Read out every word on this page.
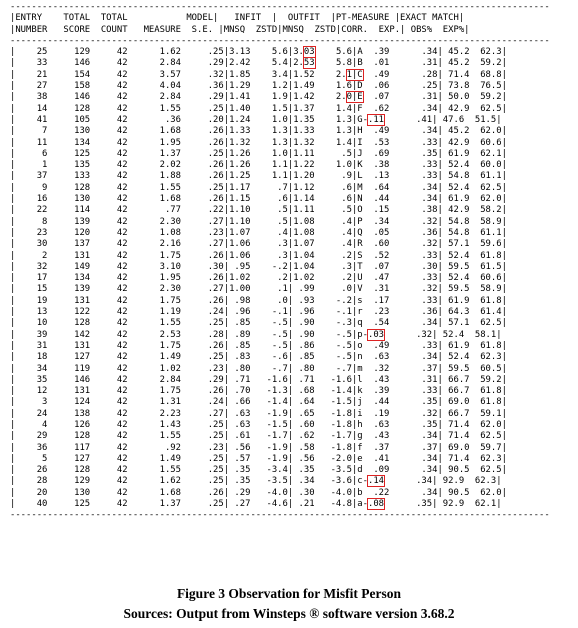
-----------------------------------------------------------------------------------------------------
|ENTRY    TOTAL  TOTAL           MODEL|   INFIT  |  OUTFIT  |PT-MEASURE |EXACT MATCH|
|NUMBER   SCORE  COUNT   MEASURE  S.E. |MNSQ  ZSTD|MNSQ  ZSTD|CORR.  EXP.| OBS%  EXP%|
-----------------------------------------------------------------------------------------------------
|    25     129     42      1.62     .25|3.13    5.6|3.03    5.6|A  .39      .34| 45.2  62.3|
|    33     146     42      2.84     .29|2.42    5.4|2.53    5.8|B  .01      .31| 45.2  59.2|
|    21     154     42      3.57     .32|1.85    3.4|1.52    2.1|C  .49      .28| 71.4  68.8|
|    27     158     42      4.04     .36|1.29    1.2|1.49    1.6|D  .06      .25| 73.8  76.5|
|    38     146     42      2.84     .29|1.41    1.9|1.42    2.0|E  .07      .31| 50.0  59.2|
|    14     128     42      1.55     .25|1.40    1.5|1.37    1.4|F  .62      .34| 42.9  62.5|
|    41     105     42       .36     .20|1.24    1.0|1.35    1.3|G-.11      .41| 47.6  51.5|
|     7     130     42      1.68     .26|1.33    1.3|1.33    1.3|H  .49      .34| 45.2  62.0|
|    11     134     42      1.95     .26|1.32    1.3|1.32    1.4|I  .53      .33| 42.9  60.6|
|     6     125     42      1.37     .25|1.26    1.0|1.11     .5|J  .69      .35| 61.9  62.1|
|     1     135     42      2.02     .26|1.26    1.1|1.22    1.0|K  .38      .33| 52.4  60.0|
|    37     133     42      1.88     .26|1.25    1.1|1.20     .9|L  .13      .33| 54.8  61.1|
|     9     128     42      1.55     .25|1.17     .7|1.12     .6|M  .64      .34| 52.4  62.5|
|    16     130     42      1.68     .26|1.15     .6|1.14     .6|N  .44      .34| 61.9  62.0|
|    22     114     42       .77     .22|1.10     .5|1.11     .5|O  .15      .38| 42.9  58.2|
|     8     139     42      2.30     .27|1.10     .5|1.08     .4|P  .34      .32| 54.8  58.9|
|    23     120     42      1.08     .23|1.07     .4|1.08     .4|Q  .05      .36| 54.8  61.1|
|    30     137     42      2.16     .27|1.06     .3|1.07     .4|R  .60      .32| 57.1  59.6|
|     2     131     42      1.75     .26|1.06     .3|1.04     .2|S  .52      .33| 52.4  61.8|
|    32     149     42      3.10     .30| .95    -.2|1.04     .3|T  .07      .30| 59.5  61.5|
|    17     134     42      1.95     .26|1.02     .2|1.02     .2|U  .47      .33| 52.4  60.6|
|    15     139     42      2.30     .27|1.00     .1| .99     .0|V  .31      .32| 59.5  58.9|
|    19     131     42      1.75     .26| .98     .0| .93    -.2|s  .17      .33| 61.9  61.8|
|    13     122     42      1.19     .24| .96    -.1| .96    -.1|r  .23      .36| 64.3  61.4|
|    10     128     42      1.55     .25| .85    -.5| .90    -.3|q  .54      .34| 57.1  62.5|
|    39     142     42      2.53     .28| .89    -.5| .90    -.5|p-.03      .32| 52.4  58.1|
|    31     131     42      1.75     .26| .85    -.5| .86    -.5|o  .49      .33| 61.9  61.8|
|    18     127     42      1.49     .25| .83    -.6| .85    -.5|n  .63      .34| 52.4  62.3|
|    34     119     42      1.02     .23| .80    -.7| .80    -.7|m  .32      .37| 59.5  60.5|
|    35     146     42      2.84     .29| .71   -1.6| .71   -1.6|l  .43      .31| 66.7  59.2|
|    12     131     42      1.75     .26| .70   -1.3| .68   -1.4|k  .39      .33| 66.7  61.8|
|     3     124     42      1.31     .24| .66   -1.4| .64   -1.5|j  .44      .35| 69.0  61.8|
|    24     138     42      2.23     .27| .63   -1.9| .65   -1.8|i  .19      .32| 66.7  59.1|
|     4     126     42      1.43     .25| .63   -1.5| .60   -1.8|h  .63      .35| 71.4  62.0|
|    29     128     42      1.55     .25| .61   -1.7| .62   -1.7|g  .43      .34| 71.4  62.5|
|    36     117     42       .92     .23| .56   -1.9| .58   -1.8|f  .37      .37| 69.0  59.7|
|     5     127     42      1.49     .25| .57   -1.9| .56   -2.0|e  .41      .34| 71.4  62.3|
|    26     128     42      1.55     .25| .35   -3.4| .35   -3.5|d  .09      .34| 90.5  62.5|
|    28     129     42      1.62     .25| .35   -3.5| .34   -3.6|c-.14      .34| 92.9  62.3|
|    20     130     42      1.68     .26| .29   -4.0| .30   -4.0|b  .22      .34| 90.5  62.0|
|    40     125     42      1.37     .25| .27   -4.6| .21   -4.8|a-.08      .35| 92.9  62.1|
-----------------------------------------------------------------------------------------------------
Figure 3 Observation for Misfit Person
Sources: Output from Winsteps ® software version 3.68.2
